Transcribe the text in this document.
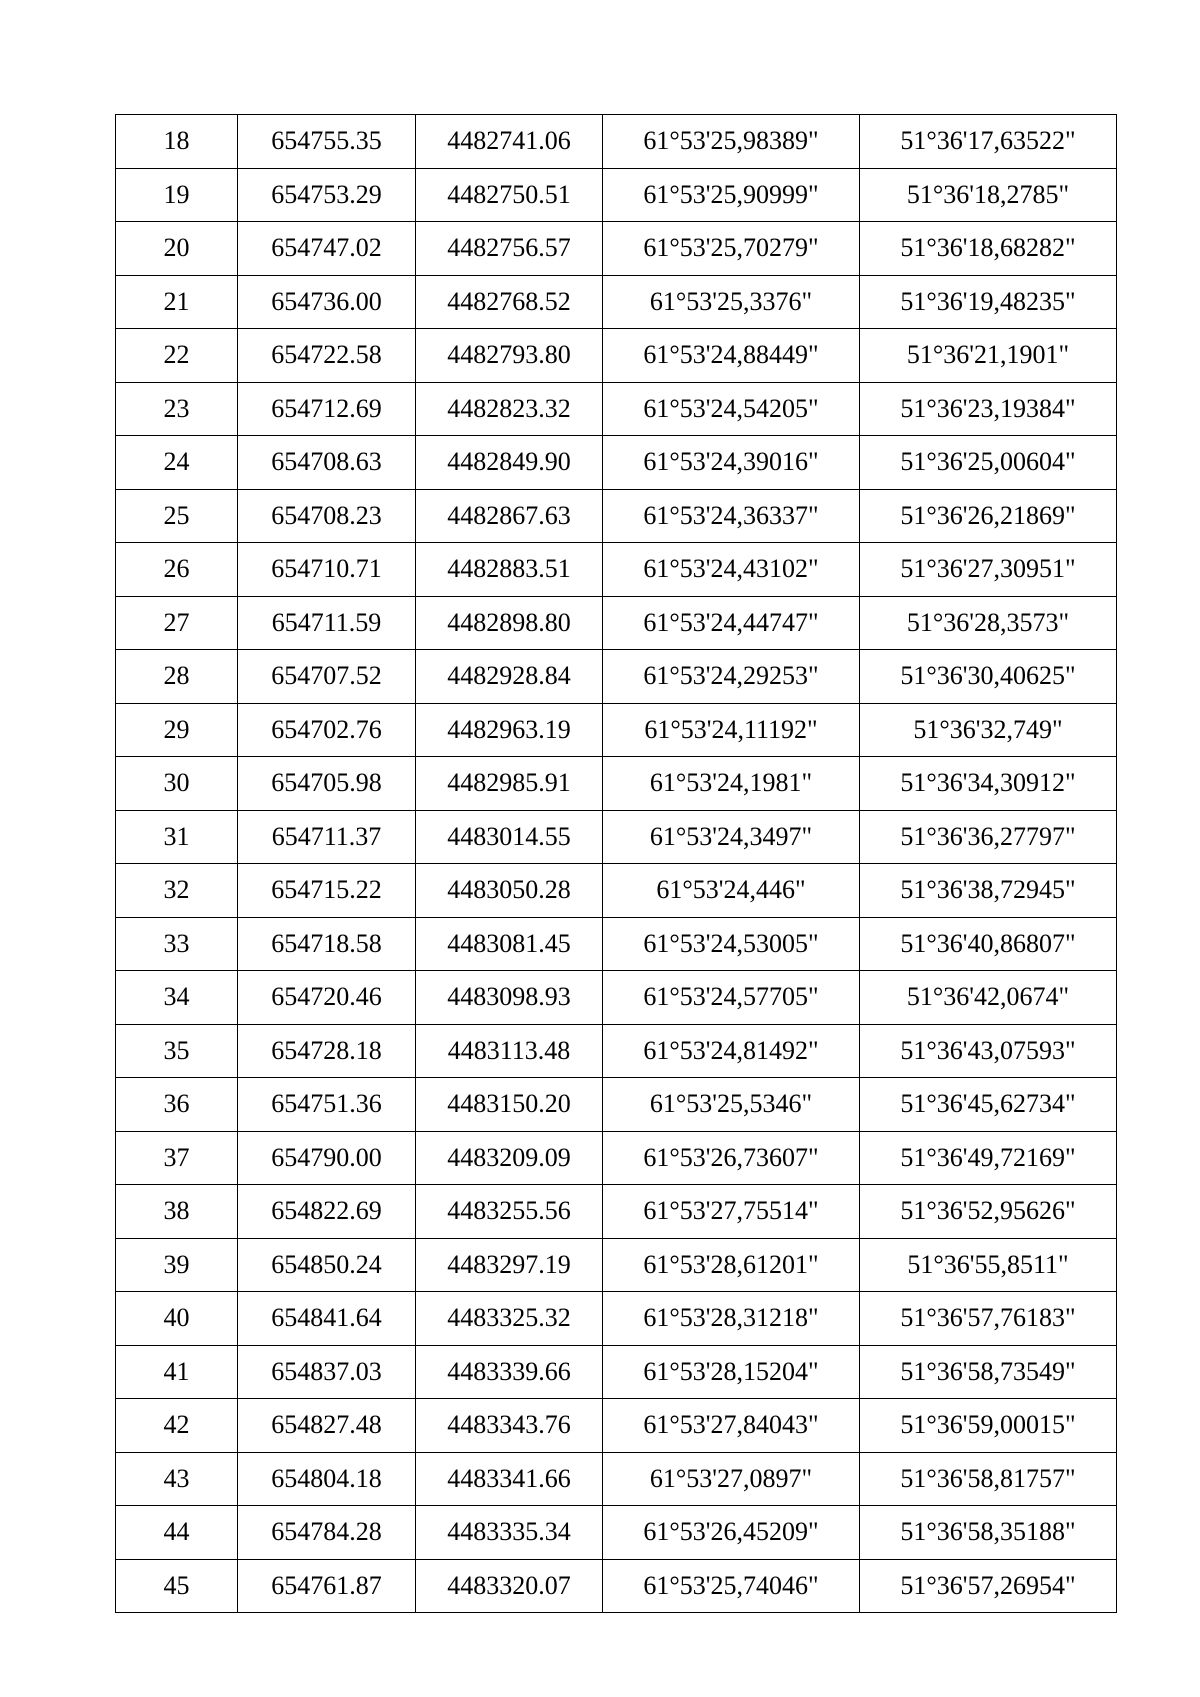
18	654755.35	4482741.06	61°53'25,98389"	51°36'17,63522"
19	654753.29	4482750.51	61°53'25,90999"	51°36'18,2785"
20	654747.02	4482756.57	61°53'25,70279"	51°36'18,68282"
21	654736.00	4482768.52	61°53'25,3376"	51°36'19,48235"
22	654722.58	4482793.80	61°53'24,88449"	51°36'21,1901"
23	654712.69	4482823.32	61°53'24,54205"	51°36'23,19384"
24	654708.63	4482849.90	61°53'24,39016"	51°36'25,00604"
25	654708.23	4482867.63	61°53'24,36337"	51°36'26,21869"
26	654710.71	4482883.51	61°53'24,43102"	51°36'27,30951"
27	654711.59	4482898.80	61°53'24,44747"	51°36'28,3573"
28	654707.52	4482928.84	61°53'24,29253"	51°36'30,40625"
29	654702.76	4482963.19	61°53'24,11192"	51°36'32,749"
30	654705.98	4482985.91	61°53'24,1981"	51°36'34,30912"
31	654711.37	4483014.55	61°53'24,3497"	51°36'36,27797"
32	654715.22	4483050.28	61°53'24,446"	51°36'38,72945"
33	654718.58	4483081.45	61°53'24,53005"	51°36'40,86807"
34	654720.46	4483098.93	61°53'24,57705"	51°36'42,0674"
35	654728.18	4483113.48	61°53'24,81492"	51°36'43,07593"
36	654751.36	4483150.20	61°53'25,5346"	51°36'45,62734"
37	654790.00	4483209.09	61°53'26,73607"	51°36'49,72169"
38	654822.69	4483255.56	61°53'27,75514"	51°36'52,95626"
39	654850.24	4483297.19	61°53'28,61201"	51°36'55,8511"
40	654841.64	4483325.32	61°53'28,31218"	51°36'57,76183"
41	654837.03	4483339.66	61°53'28,15204"	51°36'58,73549"
42	654827.48	4483343.76	61°53'27,84043"	51°36'59,00015"
43	654804.18	4483341.66	61°53'27,0897"	51°36'58,81757"
44	654784.28	4483335.34	61°53'26,45209"	51°36'58,35188"
45	654761.87	4483320.07	61°53'25,74046"	51°36'57,26954"
